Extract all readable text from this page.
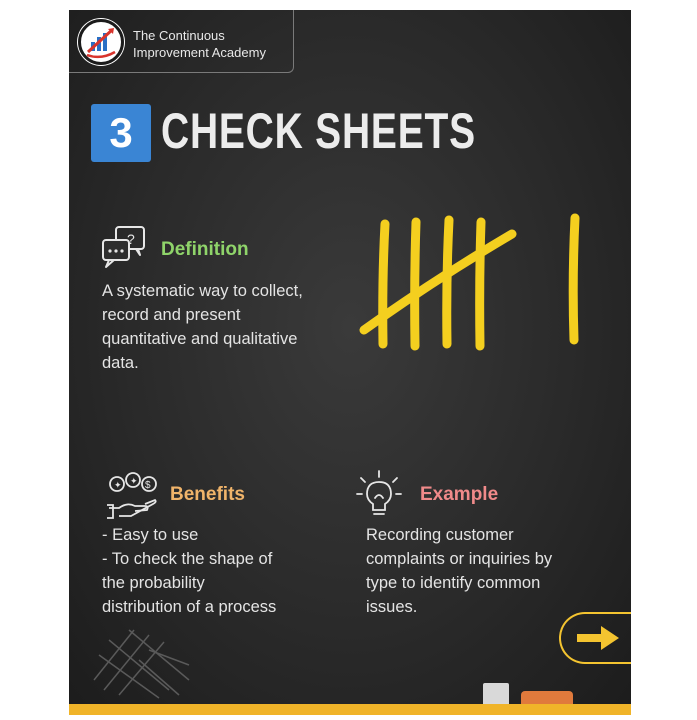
The Continuous
Improvement Academy
3 CHECK SHEETS
? Definition
A systematic way to collect,
record and present
quantitative and qualitative
data.
$
✦
✦	Benefits
- Easy to use
- To check the shape of
the probability
distribution of a process
Example
Recording customer
complaints or inquiries by
type to identify common
issues.
